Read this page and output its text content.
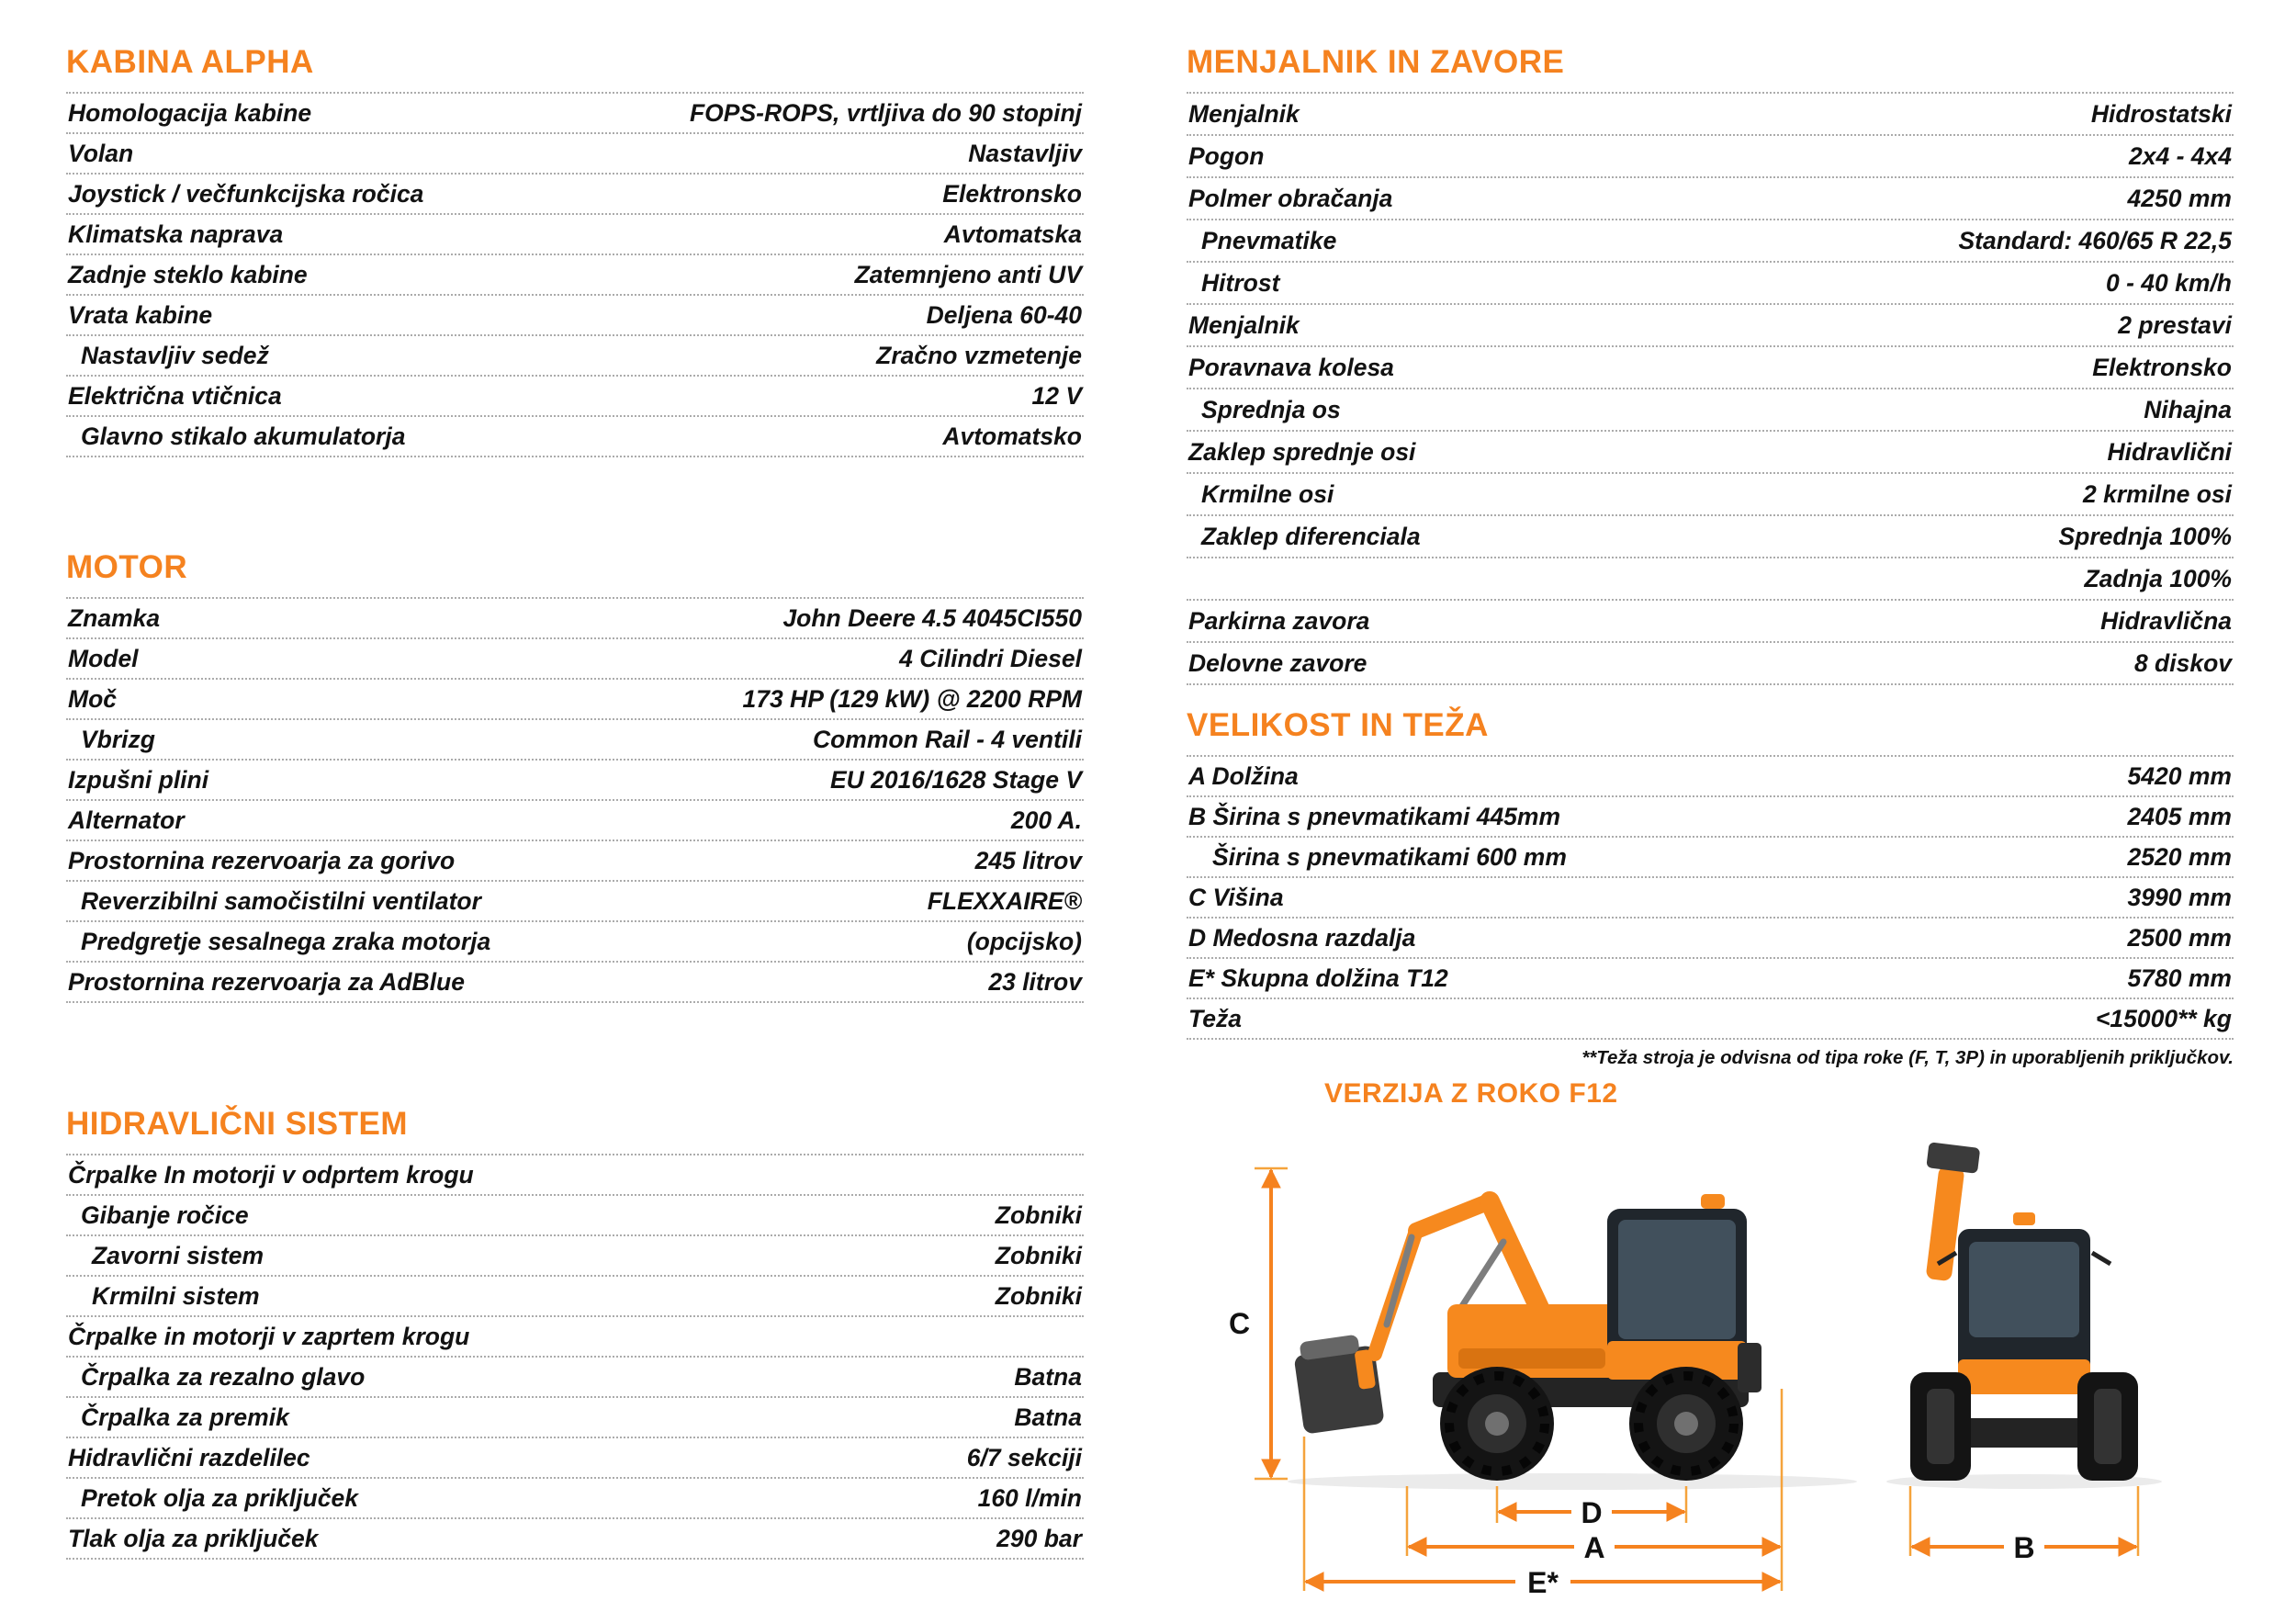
KABINA ALPHA
Homologacija kabine	FOPS-ROPS, vrtljiva do 90 stopinj
Volan	Nastavljiv
Joystick / večfunkcijska ročica	Elektronsko
Klimatska naprava	Avtomatska
Zadnje steklo kabine	Zatemnjeno anti UV
Vrata kabine	Deljena 60-40
Nastavljiv sedež	Zračno vzmetenje
Električna vtičnica	12 V
Glavno stikalo akumulatorja	Avtomatsko
MOTOR
Znamka	John Deere 4.5 4045CI550
Model	4 Cilindri Diesel
Moč	173 HP (129 kW) @ 2200 RPM
Vbrizg	Common Rail - 4 ventili
Izpušni plini	EU 2016/1628 Stage V
Alternator	200 A.
Prostornina rezervoarja za gorivo	245 litrov
Reverzibilni samočistilni ventilator	FLEXXAIRE®
Predgretje sesalnega zraka motorja	(opcijsko)
Prostornina rezervoarja za AdBlue	23 litrov
HIDRAVLIČNI SISTEM
Črpalke In motorji v odprtem krogu
Gibanje ročice	Zobniki
Zavorni sistem	Zobniki
Krmilni sistem	Zobniki
Črpalke in motorji v zaprtem krogu
Črpalka za rezalno glavo	Batna
Črpalka za premik	Batna
Hidravlični razdelilec	6/7 sekciji
Pretok olja za priključek	160 l/min
Tlak olja za priključek	290 bar
MENJALNIK IN ZAVORE
Menjalnik	Hidrostatski
Pogon	2x4 - 4x4
Polmer obračanja	4250 mm
Pnevmatike	Standard: 460/65 R 22,5
Hitrost	0 - 40 km/h
Menjalnik	2 prestavi
Poravnava kolesa	Elektronsko
Sprednja os	Nihajna
Zaklep sprednje osi	Hidravlični
Krmilne osi	2 krmilne osi
Zaklep diferenciala	Sprednja 100%
Zadnja 100%
Parkirna zavora	Hidravlična
Delovne zavore	8 diskov
VELIKOST IN TEŽA
A Dolžina	5420 mm
B Širina s pnevmatikami 445mm	2405 mm
Širina s pnevmatikami 600 mm	2520 mm
C Višina	3990 mm
D Medosna razdalja	2500 mm
E* Skupna dolžina T12	5780 mm
Teža	<15000** kg
**Teža stroja je odvisna od tipa roke (F, T, 3P) in uporabljenih priključkov.
VERZIJA Z ROKO F12
C
D
A
E*
B
